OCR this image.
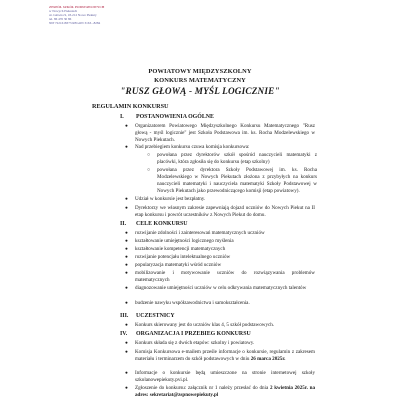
ZESPÓŁ SZKÓŁ PODSTAWOWYCH
w Nowych Piekutach
ul. Główna 9, 18-212 Nowe Piekuty
tel. 86 476 30 86
NIP 7221618373 REGON 3163...8284
POWIATOWY MIĘDZYSZKOLNY
KONKURS MATEMATYCZNY
"RUSZ GŁOWĄ - MYŚL LOGICZNIE"
REGULAMIN KONKURSU
I. POSTANOWIENIA OGÓLNE
● Organizatorem Powiatowego Międzyszkolnego Konkursu Matematycznego "Rusz głową - myśl logicznie" jest Szkoła Podstawowa im. ks. Rocha Modzelewskiego w Nowych Piekutach.
● Nad przebiegiem konkursu czuwa komisja konkursowa:
○ powołana przez dyrektorów szkół spośród nauczycieli matematyki z placówki, która zgłosiła się do konkursu (etap szkolny)
○ powołana przez dyrektora Szkoły Podstawowej im. ks. Rocha Modzelewskiego w Nowych Piekutach złożona z przybyłych na konkurs nauczycieli matematyki i nauczyciela matematyki Szkoły Podstawowej w Nowych Piekutach jako przewodniczącego komisji (etap powiatowy).
● Udział w konkursie jest bezpłatny.
● Dyrektorzy we własnym zakresie zapewniają dojazd uczniów do Nowych Piekut na II etap konkursu i powrót uczestników z Nowych Piekut do domu.
II. CELE KONKURSU
● rozwijanie zdolności i zainteresowań matematycznych uczniów
● kształtowanie umiejętności logicznego myślenia
● kształtowanie kompetencji matematycznych
● rozwijanie potencjału intelektualnego uczniów
● popularyzacja matematyki wśród uczniów
● mobilizowanie i motywowanie uczniów do rozwiązywania problemów matematycznych
● diagnozowanie umiejętności uczniów w celu odkrywania matematycznych talentów
● budzenie nawyku współzawodnictwa i samokształcenia.
III. UCZESTNICY
● Konkurs skierowany jest do uczniów klas 4, 5 szkół podstawowych.
IV. ORGANIZACJA I PRZEBIEG KONKURSU
● Konkurs składa się z dwóch etapów: szkolny i powiatowy.
● Komisja Konkursowa e-mailem prześle informacje o konkursie, regulamin z zakresem materiału i terminarzem do szkół podstawowych w dniu 26 marca 2025r.
● Informacje o konkursie będą umieszczone na stronie internetowej szkoły szkolanowepiekuty.pvi.pl.
● Zgłoszenie do konkursu: załącznik nr 1 należy przesłać do dnia 2 kwietnia 2025r. na adres: sekretariat@zspnowepiekuty.pl
